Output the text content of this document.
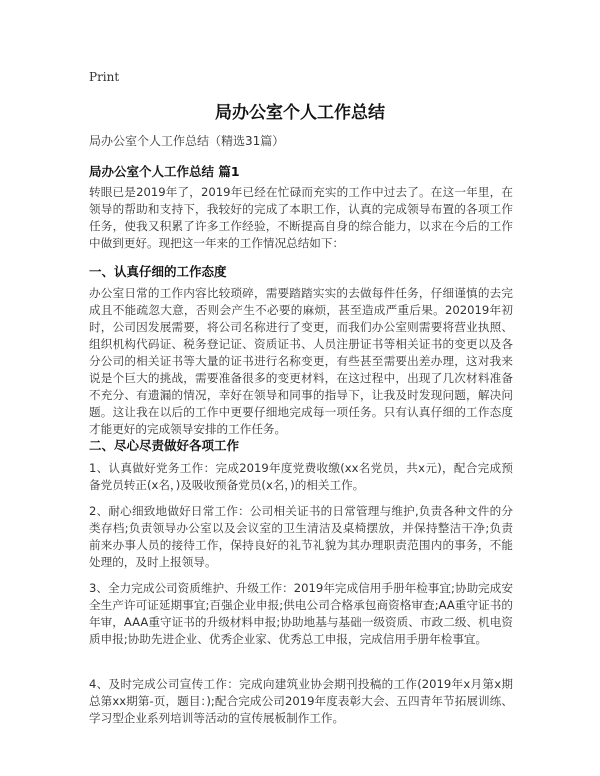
Print
局办公室个人工作总结
局办公室个人工作总结（精选31篇）
局办公室个人工作总结 篇1

转眼已是2019年了，2019年已经在忙碌而充实的工作中过去了。在这一年里，在领导的帮助和支持下，我较好的完成了本职工作，认真的完成领导布置的各项工作任务，使我又积累了许多工作经验，不断提高自身的综合能力，以求在今后的工作中做到更好。现把这一年来的工作情况总结如下：

一、认真仔细的工作态度

办公室日常的工作内容比较琐碎，需要踏踏实实的去做每件任务，仔细谨慎的去完成且不能疏忽大意，否则会产生不必要的麻烦，甚至造成严重后果。202019年初时，公司因发展需要，将公司名称进行了变更，而我们办公室则需要将营业执照、组织机构代码证、税务登记证、资质证书、人员注册证书等相关证书的变更以及各分公司的相关证书等大量的证书进行名称变更，有些甚至需要出差办理，这对我来说是个巨大的挑战，需要准备很多的变更材料，在这过程中，出现了几次材料准备不充分、有遗漏的情况，幸好在领导和同事的指导下，让我及时发现问题，解决问题。这让我在以后的工作中更要仔细地完成每一项任务。只有认真仔细的工作态度才能更好的完成领导安排的工作任务。

二、尽心尽责做好各项工作

1、认真做好党务工作：完成2019年度党费收缴(xx名党员，共x元)，配合完成预备党员转正(x名，)及吸收预备党员(x名，)的相关工作。

2、耐心细致地做好日常工作：公司相关证书的日常管理与维护,负责各种文件的分类存档;负责领导办公室以及会议室的卫生清洁及桌椅摆放，并保持整洁干净;负责前来办事人员的接待工作，保持良好的礼节礼貌为其办理职责范围内的事务，不能处理的，及时上报领导。

3、全力完成公司资质维护、升级工作：2019年完成信用手册年检事宜;协助完成安全生产许可证延期事宜;百强企业申报;供电公司合格承包商资格审查;AA重守证书的年审，AAA重守证书的升级材料申报;协助地基与基础一级资质、市政二级、机电资质申报;协助先进企业、优秀企业家、优秀总工申报，完成信用手册年检事宜。

4、及时完成公司宣传工作：完成向建筑业协会期刊投稿的工作(2019年x月第x期总第xx期第-页，题目：);配合完成公司2019年度表彰大会、五四青年节拓展训练、学习型企业系列培训等活动的宣传展板制作工作。
